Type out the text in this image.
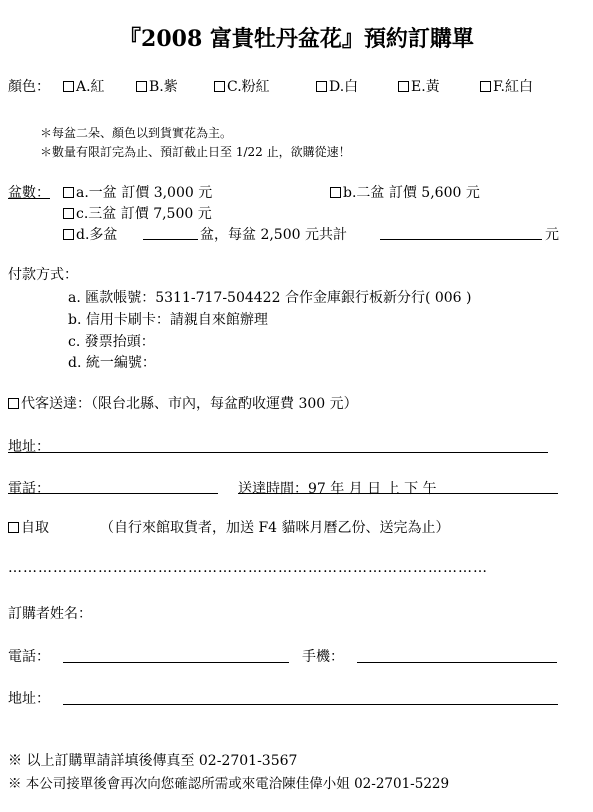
『2008 富貴牡丹盆花』預約訂購單
顏色：	A.紅	B.紫	C.粉紅	D.白	E.黃	F.紅白
＊每盆二朵、顏色以到貨實花為主。
＊數量有限訂完為止、預訂截止日至 1/22 止，欲購從速！
盆數：	a.一盆 訂價 3,000 元	b.二盆 訂價 5,600 元
c.三盆 訂價 7,500 元
d.多盆	盆，每盆 2,500 元共計	元
付款方式：
a. 匯款帳號：5311-717-504422 合作金庫銀行板新分行( 006 )
b. 信用卡刷卡：請親自來館辦理
c. 發票抬頭：
d. 統一編號：
代客送達：（限台北縣、市內，每盆酌收運費 300 元）
地址：
電話：	送達時間：97 年 月 日 上 下 午
自取	（自行來館取貨者，加送 F4 貓咪月曆乙份、送完為止）
……………………………………………………………………………………
訂購者姓名：
電話：	手機：
地址：
※ 以上訂購單請詳填後傳真至 02-2701-3567
※ 本公司接單後會再次向您確認所需或來電洽陳佳偉小姐 02-2701-5229
